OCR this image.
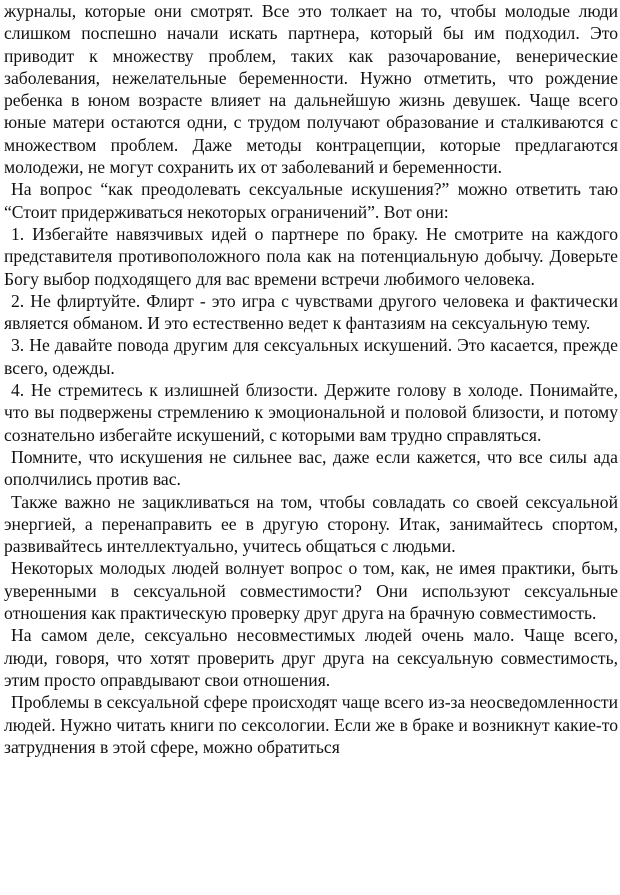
журналы, которые они смотрят. Все это толкает на то, чтобы молодые люди слишком поспешно начали искать партнера, который бы им подходил. Это приводит к множеству проблем, таких как разочарование, венерические заболевания, нежелательные беременности. Нужно отметить, что рождение ребенка в юном возрасте влияет на дальнейшую жизнь девушек. Чаще всего юные матери остаются одни, с трудом получают образование и сталкиваются с множеством проблем. Даже методы контрацепции, которые предлагаются молодежи, не могут сохранить их от заболеваний и беременности.

На вопрос “как преодолевать сексуальные искушения?” можно ответить таю “Стоит придерживаться некоторых ограничений”. Вот они:

1. Избегайте навязчивых идей о партнере по браку. Не смотрите на каждого представителя противоположного пола как на потенциальную добычу. Доверьте Богу выбор подходящего для вас времени встречи любимого человека.

2. Не флиртуйте. Флирт - это игра с чувствами другого человека и фактически является обманом. И это естественно ведет к фантазиям на сексуальную тему.

3. Не давайте повода другим для сексуальных искушений. Это касается, прежде всего, одежды.

4. Не стремитесь к излишней близости. Держите голову в холоде. Понимайте, что вы подвержены стремлению к эмоциональной и половой близости, и потому сознательно избегайте искушений, с которыми вам трудно справляться.

Помните, что искушения не сильнее вас, даже если кажется, что все силы ада ополчились против вас.

Также важно не зацикливаться на том, чтобы совладать со своей сексуальной энергией, а перенаправить ее в другую сторону. Итак, занимайтесь спортом, развивайтесь интеллектуально, учитесь общаться с людьми.

Некоторых молодых людей волнует вопрос о том, как, не имея практики, быть уверенными в сексуальной совместимости? Они используют сексуальные отношения как практическую проверку друг друга на брачную совместимость.

На самом деле, сексуально несовместимых людей очень мало. Чаще всего, люди, говоря, что хотят проверить друг друга на сексуальную совместимость, этим просто оправдывают свои отношения.

Проблемы в сексуальной сфере происходят чаще всего из-за неосведомленности людей. Нужно читать книги по сексологии. Если же в браке и возникнут какие-то затруднения в этой сфере, можно обратиться
